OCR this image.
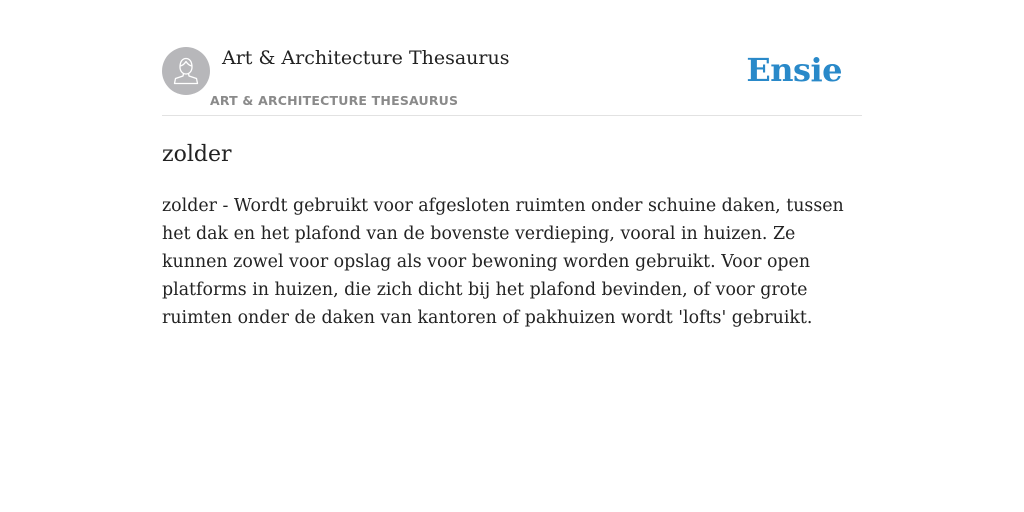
Art & Architecture Thesaurus
ART & ARCHITECTURE THESAURUS
Ensie
zolder

zolder - Wordt gebruikt voor afgesloten ruimten onder schuine daken, tussen het dak en het plafond van de bovenste verdieping, vooral in huizen. Ze kunnen zowel voor opslag als voor bewoning worden gebruikt. Voor open platforms in huizen, die zich dicht bij het plafond bevinden, of voor grote ruimten onder de daken van kantoren of pakhuizen wordt 'lofts' gebruikt.
